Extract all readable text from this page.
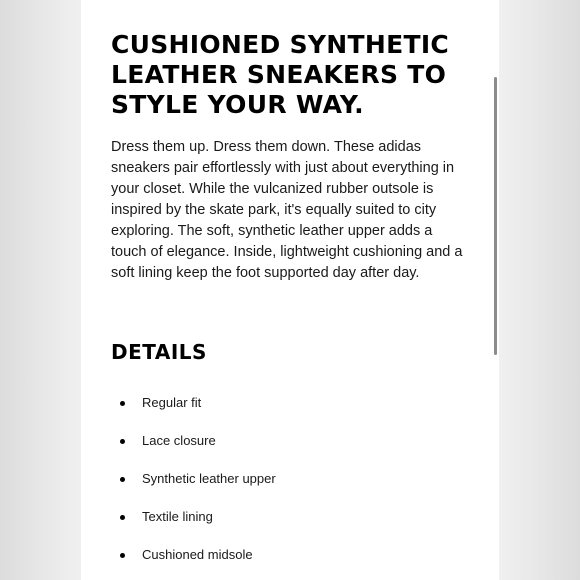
CUSHIONED SYNTHETIC LEATHER SNEAKERS TO STYLE YOUR WAY.

Dress them up. Dress them down. These adidas sneakers pair effortlessly with just about everything in your closet. While the vulcanized rubber outsole is inspired by the skate park, it's equally suited to city exploring. The soft, synthetic leather upper adds a touch of elegance. Inside, lightweight cushioning and a soft lining keep the foot supported day after day.

DETAILS
Regular fit
Lace closure
Synthetic leather upper
Textile lining
Cushioned midsole
